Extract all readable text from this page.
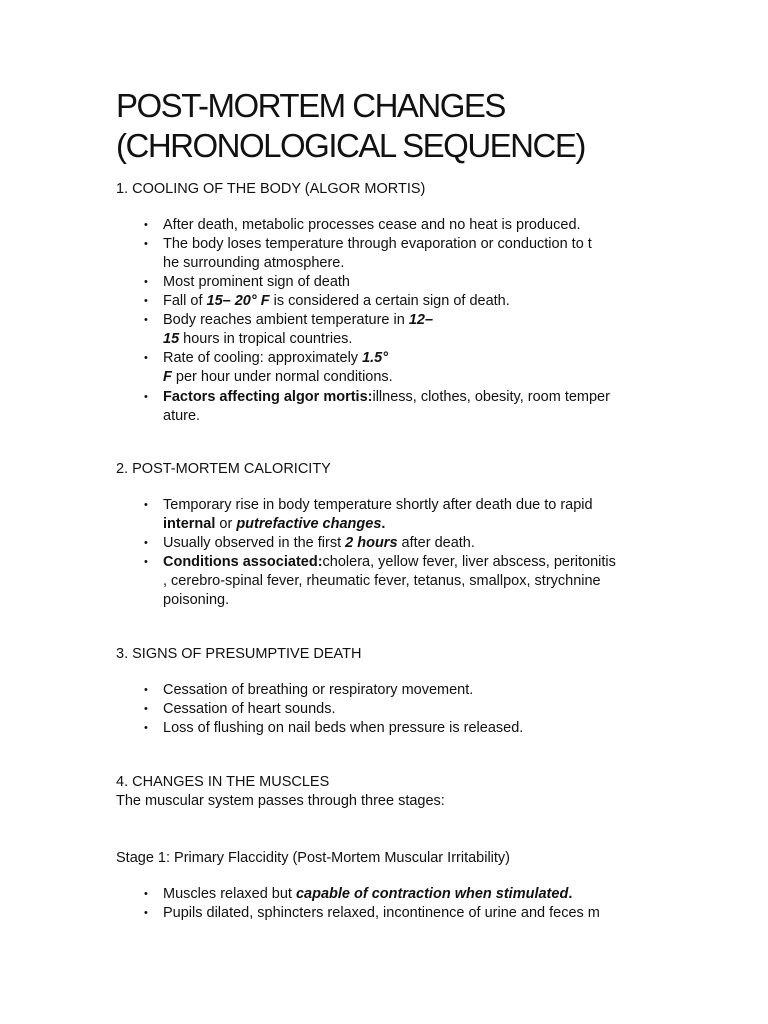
POST-MORTEM CHANGES
(CHRONOLOGICAL SEQUENCE)
1. COOLING OF THE BODY (ALGOR MORTIS)
• After death, metabolic processes cease and no heat is produced.
• The body loses temperature through evaporation or conduction to t
he surrounding atmosphere.
• Most prominent sign of death
• Fall of 15– 20° F is considered a certain sign of death.
• Body reaches ambient temperature in 12–
15 hours in tropical countries.
• Rate of cooling: approximately 1.5°
F per hour under normal conditions.
• Factors affecting algor mortis:illness, clothes, obesity, room temper
ature.
2. POST-MORTEM CALORICITY
• Temporary rise in body temperature shortly after death due to rapid
internal or putrefactive changes.
• Usually observed in the first 2 hours after death.
• Conditions associated:cholera, yellow fever, liver abscess, peritonitis
, cerebro-spinal fever, rheumatic fever, tetanus, smallpox, strychnine
poisoning.
3. SIGNS OF PRESUMPTIVE DEATH
• Cessation of breathing or respiratory movement.
• Cessation of heart sounds.
• Loss of flushing on nail beds when pressure is released.
4. CHANGES IN THE MUSCLES
The muscular system passes through three stages:
Stage 1: Primary Flaccidity (Post-Mortem Muscular Irritability)
• Muscles relaxed but capable of contraction when stimulated.
• Pupils dilated, sphincters relaxed, incontinence of urine and feces m
